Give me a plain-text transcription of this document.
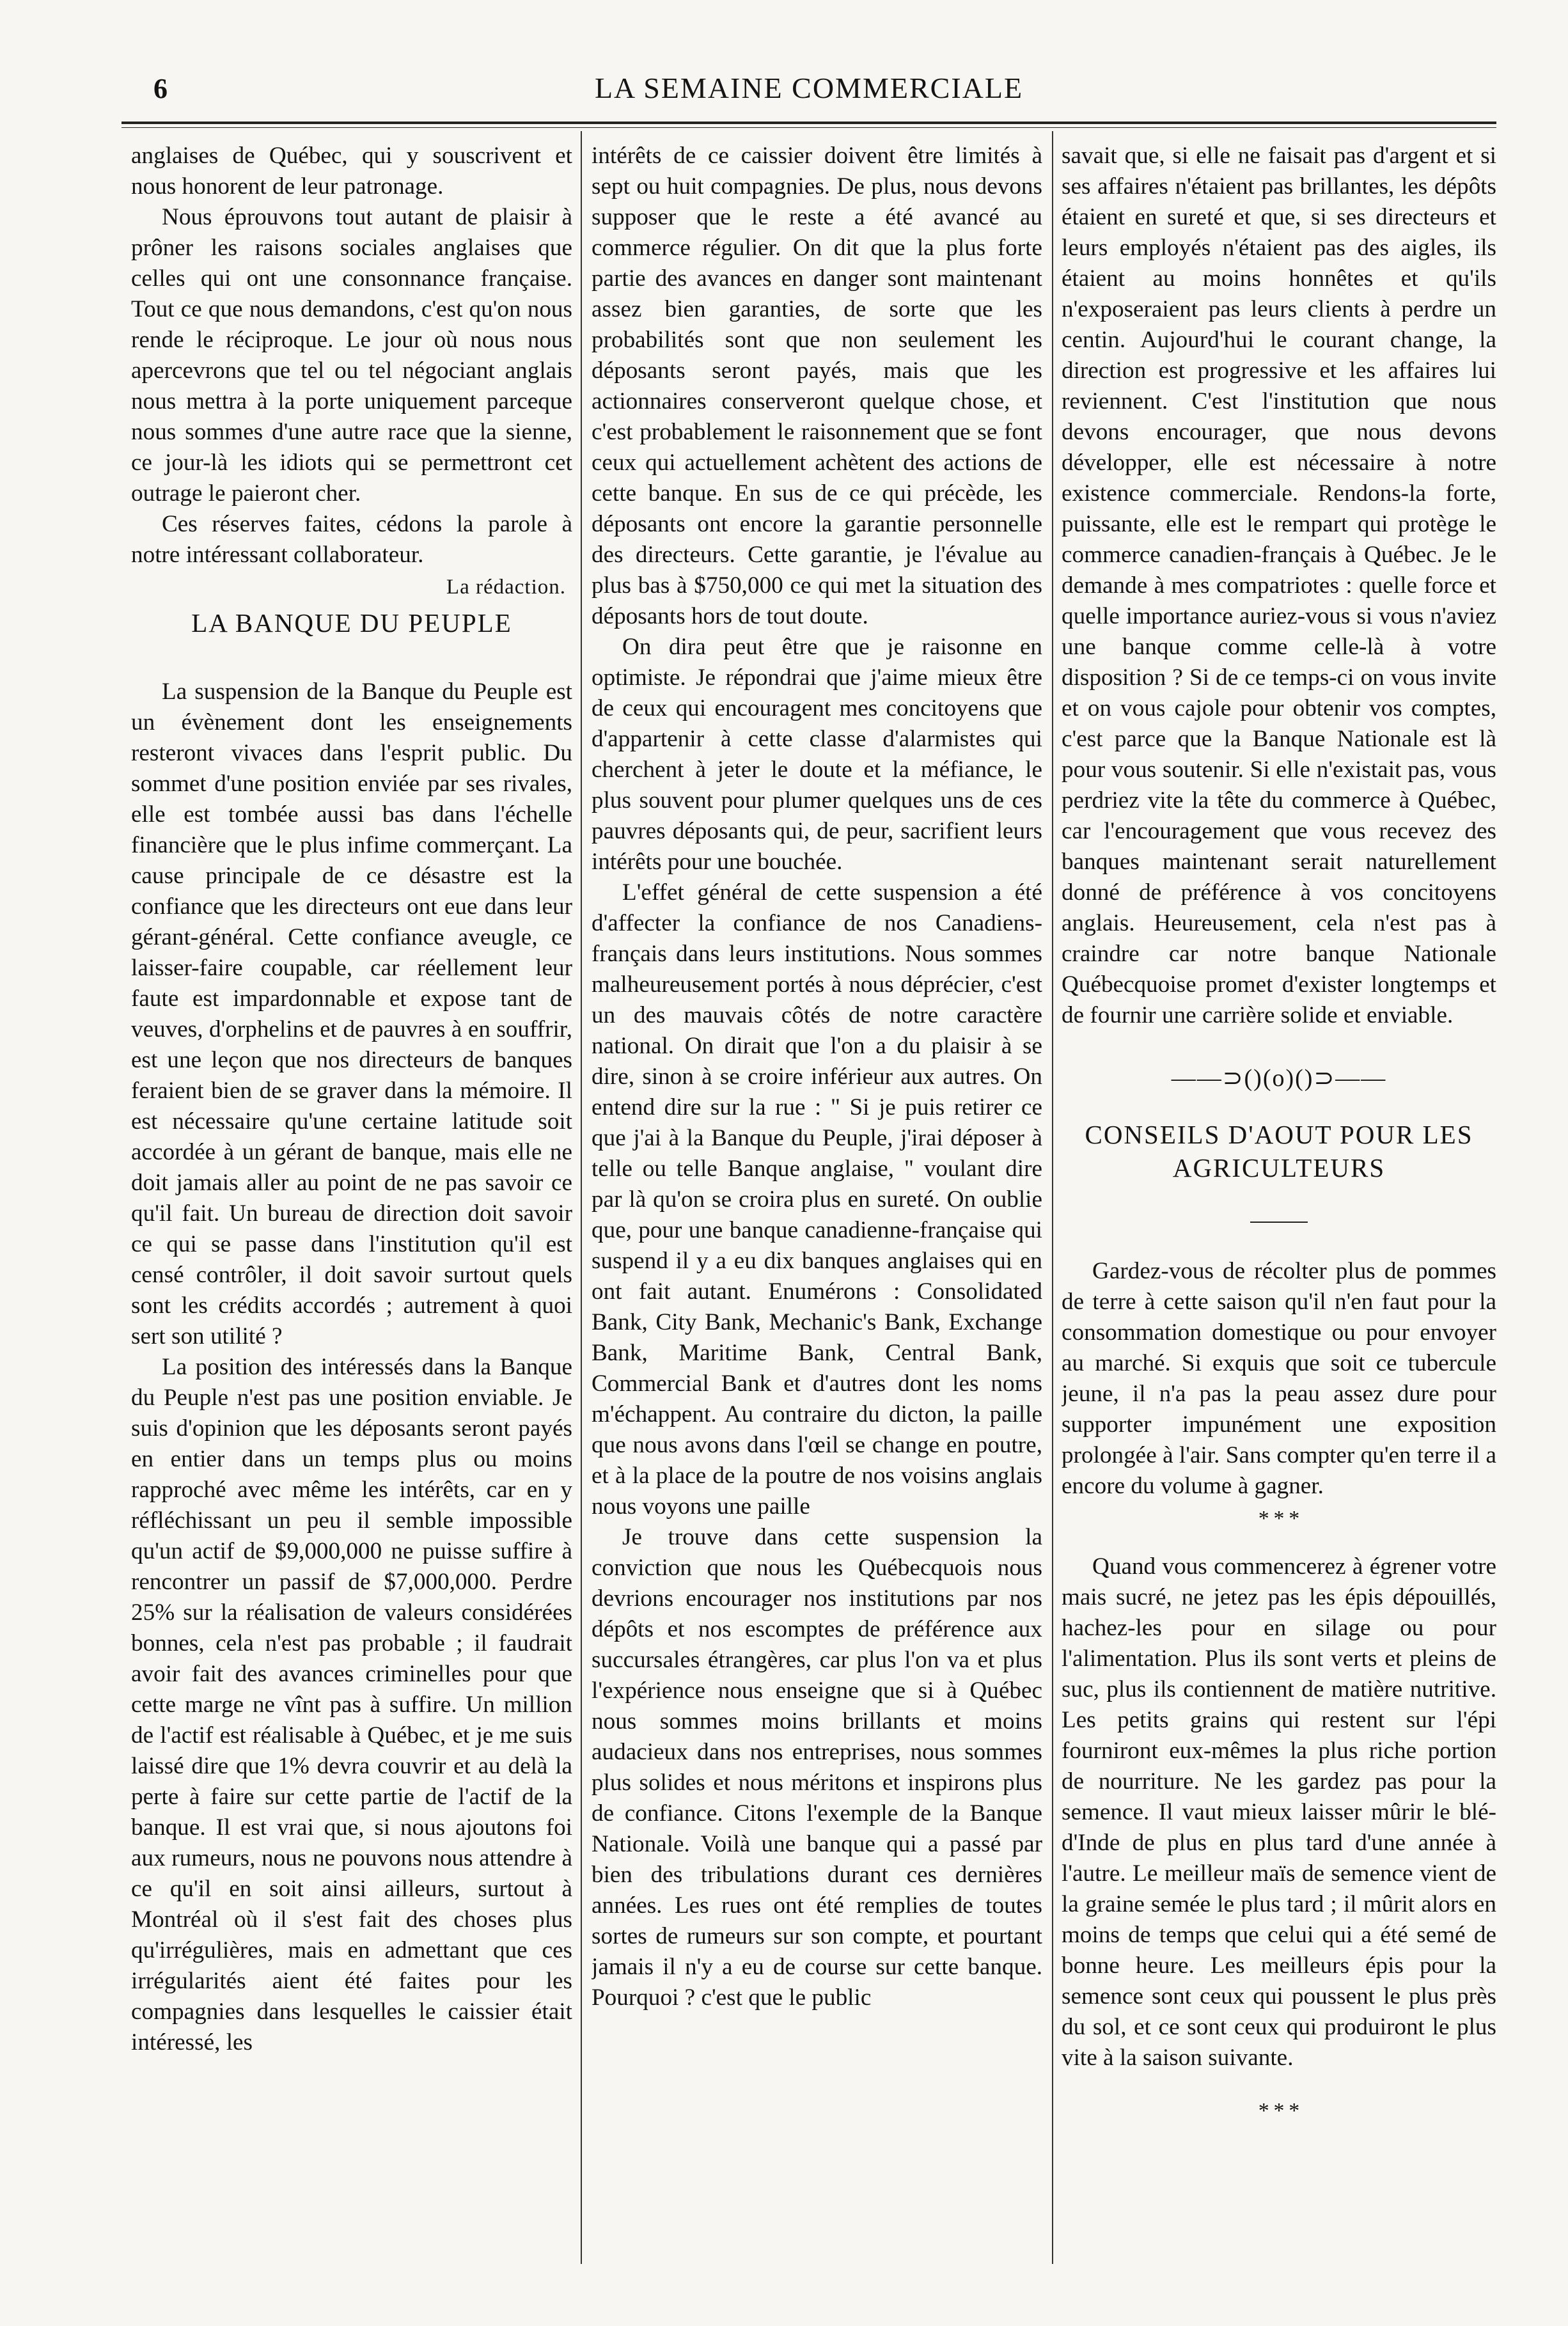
6	LA SEMAINE COMMERCIALE

anglaises de Québec, qui y souscrivent et nous honorent de leur patronage.

Nous éprouvons tout autant de plaisir à prôner les raisons sociales anglaises que celles qui ont une consonnance française. Tout ce que nous demandons, c'est qu'on nous rende le réciproque. Le jour où nous nous apercevrons que tel ou tel négociant anglais nous mettra à la porte uniquement parceque nous sommes d'une autre race que la sienne, ce jour-là les idiots qui se permettront cet outrage le paieront cher.

Ces réserves faites, cédons la parole à notre intéressant collaborateur.

La rédaction.
LA BANQUE DU PEUPLE

La suspension de la Banque du Peuple est un évènement dont les enseignements resteront vivaces dans l'esprit public. Du sommet d'une position enviée par ses rivales, elle est tombée aussi bas dans l'échelle financière que le plus infime commerçant. La cause principale de ce désastre est la confiance que les directeurs ont eue dans leur gérant-général. Cette confiance aveugle, ce laisser-faire coupable, car réellement leur faute est impardonnable et expose tant de veuves, d'orphelins et de pauvres à en souffrir, est une leçon que nos directeurs de banques feraient bien de se graver dans la mémoire. Il est nécessaire qu'une certaine latitude soit accordée à un gérant de banque, mais elle ne doit jamais aller au point de ne pas savoir ce qu'il fait. Un bureau de direction doit savoir ce qui se passe dans l'institution qu'il est censé contrôler, il doit savoir surtout quels sont les crédits accordés ; autrement à quoi sert son utilité ?

La position des intéressés dans la Banque du Peuple n'est pas une position enviable. Je suis d'opinion que les déposants seront payés en entier dans un temps plus ou moins rapproché avec même les intérêts, car en y réfléchissant un peu il semble impossible qu'un actif de $9,000,000 ne puisse suffire à rencontrer un passif de $7,000,000. Perdre 25% sur la réalisation de valeurs considérées bonnes, cela n'est pas probable ; il faudrait avoir fait des avances criminelles pour que cette marge ne vînt pas à suffire. Un million de l'actif est réalisable à Québec, et je me suis laissé dire que 1% devra couvrir et au delà la perte à faire sur cette partie de l'actif de la banque. Il est vrai que, si nous ajoutons foi aux rumeurs, nous ne pouvons nous attendre à ce qu'il en soit ainsi ailleurs, surtout à Montréal où il s'est fait des choses plus qu'irrégulières, mais en admettant que ces irrégularités aient été faites pour les compagnies dans lesquelles le caissier était intéressé, les

intérêts de ce caissier doivent être limités à sept ou huit compagnies. De plus, nous devons supposer que le reste a été avancé au commerce régulier. On dit que la plus forte partie des avances en danger sont maintenant assez bien garanties, de sorte que les probabilités sont que non seulement les déposants seront payés, mais que les actionnaires conserveront quelque chose, et c'est probablement le raisonnement que se font ceux qui actuellement achètent des actions de cette banque. En sus de ce qui précède, les déposants ont encore la garantie personnelle des directeurs. Cette garantie, je l'évalue au plus bas à $750,000 ce qui met la situation des déposants hors de tout doute.

On dira peut être que je raisonne en optimiste. Je répondrai que j'aime mieux être de ceux qui encouragent mes concitoyens que d'appartenir à cette classe d'alarmistes qui cherchent à jeter le doute et la méfiance, le plus souvent pour plumer quelques uns de ces pauvres déposants qui, de peur, sacrifient leurs intérêts pour une bouchée.

L'effet général de cette suspension a été d'affecter la confiance de nos Canadiens-français dans leurs institutions. Nous sommes malheureusement portés à nous déprécier, c'est un des mauvais côtés de notre caractère national. On dirait que l'on a du plaisir à se dire, sinon à se croire inférieur aux autres. On entend dire sur la rue : " Si je puis retirer ce que j'ai à la Banque du Peuple, j'irai déposer à telle ou telle Banque anglaise, " voulant dire par là qu'on se croira plus en sureté. On oublie que, pour une banque canadienne-française qui suspend il y a eu dix banques anglaises qui en ont fait autant. Enumérons : Consolidated Bank, City Bank, Mechanic's Bank, Exchange Bank, Maritime Bank, Central Bank, Commercial Bank et d'autres dont les noms m'échappent. Au contraire du dicton, la paille que nous avons dans l'œil se change en poutre, et à la place de la poutre de nos voisins anglais nous voyons une paille

Je trouve dans cette suspension la conviction que nous les Québecquois nous devrions encourager nos institutions par nos dépôts et nos escomptes de préférence aux succursales étrangères, car plus l'on va et plus l'expérience nous enseigne que si à Québec nous sommes moins brillants et moins audacieux dans nos entreprises, nous sommes plus solides et nous méritons et inspirons plus de confiance. Citons l'exemple de la Banque Nationale. Voilà une banque qui a passé par bien des tribulations durant ces dernières années. Les rues ont été remplies de toutes sortes de rumeurs sur son compte, et pourtant jamais il n'y a eu de course sur cette banque. Pourquoi ? c'est que le public

savait que, si elle ne faisait pas d'argent et si ses affaires n'étaient pas brillantes, les dépôts étaient en sureté et que, si ses directeurs et leurs employés n'étaient pas des aigles, ils étaient au moins honnêtes et qu'ils n'exposeraient pas leurs clients à perdre un centin. Aujourd'hui le courant change, la direction est progressive et les affaires lui reviennent. C'est l'institution que nous devons encourager, que nous devons développer, elle est nécessaire à notre existence commerciale. Rendons-la forte, puissante, elle est le rempart qui protège le commerce canadien-français à Québec. Je le demande à mes compatriotes : quelle force et quelle importance auriez-vous si vous n'aviez une banque comme celle-là à votre disposition ? Si de ce temps-ci on vous invite et on vous cajole pour obtenir vos comptes, c'est parce que la Banque Nationale est là pour vous soutenir. Si elle n'existait pas, vous perdriez vite la tête du commerce à Québec, car l'encouragement que vous recevez des banques maintenant serait naturellement donné de préférence à vos concitoyens anglais. Heureusement, cela n'est pas à craindre car notre banque Nationale Québecquoise promet d'exister longtemps et de fournir une carrière solide et enviable.

——⊃()(o)()⊃——
CONSEILS D'AOUT POUR LES AGRICULTEURS

Gardez-vous de récolter plus de pommes de terre à cette saison qu'il n'en faut pour la consommation domestique ou pour envoyer au marché. Si exquis que soit ce tubercule jeune, il n'a pas la peau assez dure pour supporter impunément une exposition prolongée à l'air. Sans compter qu'en terre il a encore du volume à gagner.

* * *

Quand vous commencerez à égrener votre mais sucré, ne jetez pas les épis dépouillés, hachez-les pour en silage ou pour l'alimentation. Plus ils sont verts et pleins de suc, plus ils contiennent de matière nutritive. Les petits grains qui restent sur l'épi fourniront eux-mêmes la plus riche portion de nourriture. Ne les gardez pas pour la semence. Il vaut mieux laisser mûrir le blé-d'Inde de plus en plus tard d'une année à l'autre. Le meilleur maïs de semence vient de la graine semée le plus tard ; il mûrit alors en moins de temps que celui qui a été semé de bonne heure. Les meilleurs épis pour la semence sont ceux qui poussent le plus près du sol, et ce sont ceux qui produiront le plus vite à la saison suivante.

* * *
